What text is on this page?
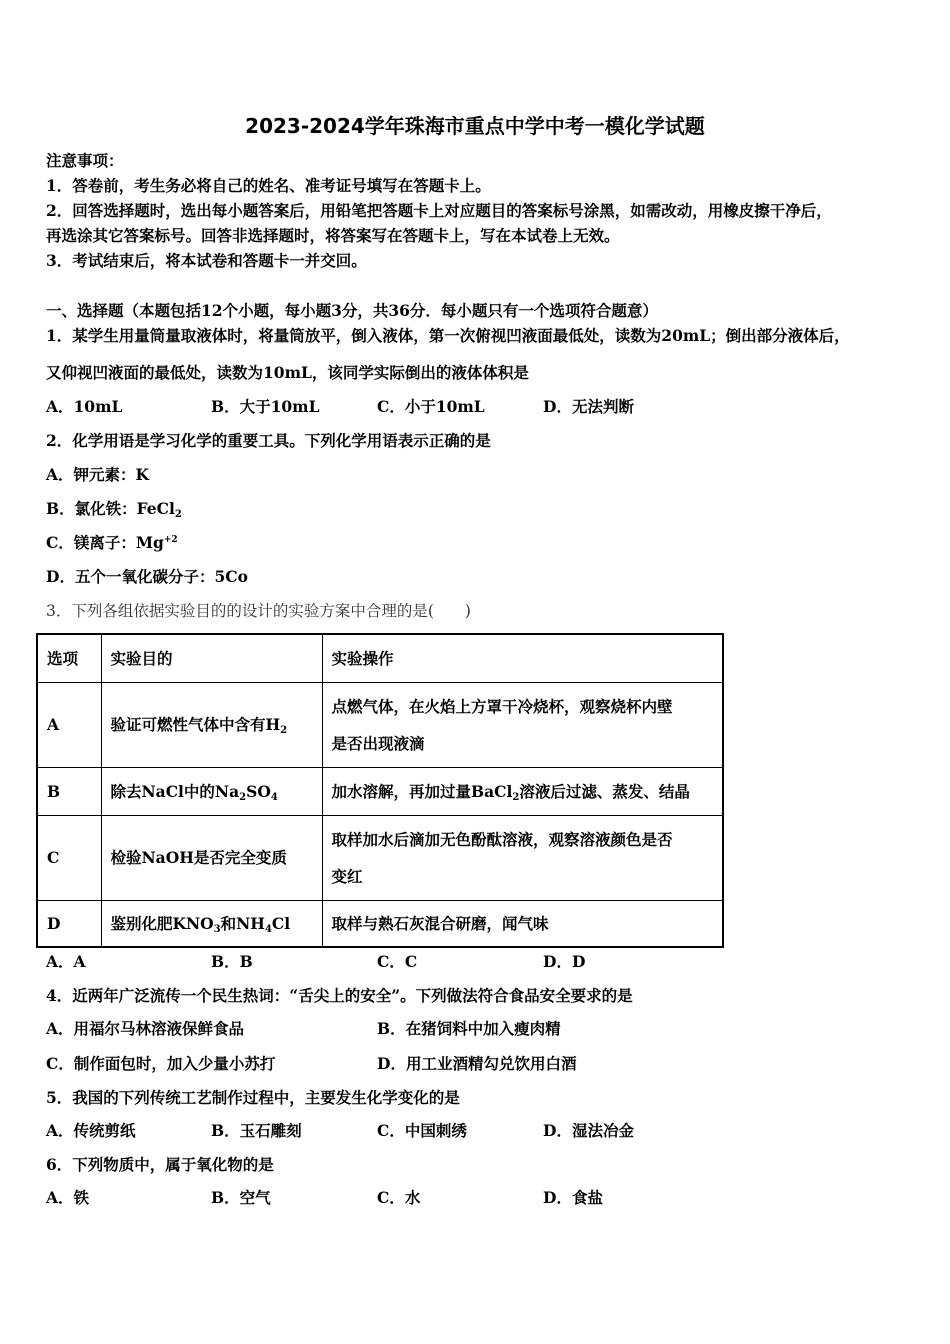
2023-2024学年珠海市重点中学中考一模化学试题
注意事项：
1．答卷前，考生务必将自己的姓名、准考证号填写在答题卡上。
2．回答选择题时，选出每小题答案后，用铅笔把答题卡上对应题目的答案标号涂黑，如需改动，用橡皮擦干净后，
再选涂其它答案标号。回答非选择题时，将答案写在答题卡上，写在本试卷上无效。
3．考试结束后，将本试卷和答题卡一并交回。
一、选择题（本题包括12个小题，每小题3分，共36分．每小题只有一个选项符合题意）
1．某学生用量筒量取液体时，将量筒放平，倒入液体，第一次俯视凹液面最低处，读数为20mL；倒出部分液体后，
又仰视凹液面的最低处，读数为10mL，该同学实际倒出的液体体积是
A．10mL	B．大于10mL	C．小于10mL	D．无法判断
2．化学用语是学习化学的重要工具。下列化学用语表示正确的是
A．钾元素：K
B．氯化铁：FeCl$_2$
C．镁离子：$Mg^{+2}$
D．五个一氧化碳分子：5Co
3．下列各组依据实验目的的设计的实验方案中合理的是(　　)
选项	实验目的	实验操作
A	验证可燃性气体中含有$H_2$	点燃气体，在火焰上方罩干冷烧杯，观察烧杯内壁
是否出现液滴

B	除去NaCl中的$Na_2SO_4$	加水溶解，再加过量BaCl$_2$溶液后过滤、蒸发、结晶
C	检验NaOH是否完全变质	取样加水后滴加无色酚酞溶液，观察溶液颜色是否
变红

D	鉴别化肥$KNO_3$和$NH_4Cl$	取样与熟石灰混合研磨，闻气味
A．A	B．B	C．C	D．D
4．近两年广泛流传一个民生热词：“舌尖上的安全”。下列做法符合食品安全要求的是
A．用福尔马林溶液保鲜食品	B．在猪饲料中加入瘦肉精
C．制作面包时，加入少量小苏打	D．用工业酒精勾兑饮用白酒
5．我国的下列传统工艺制作过程中，主要发生化学变化的是
A．传统剪纸	B．玉石雕刻	C．中国刺绣	D．湿法冶金
6．下列物质中，属于氧化物的是
A．铁	B．空气	C．水	D．食盐
